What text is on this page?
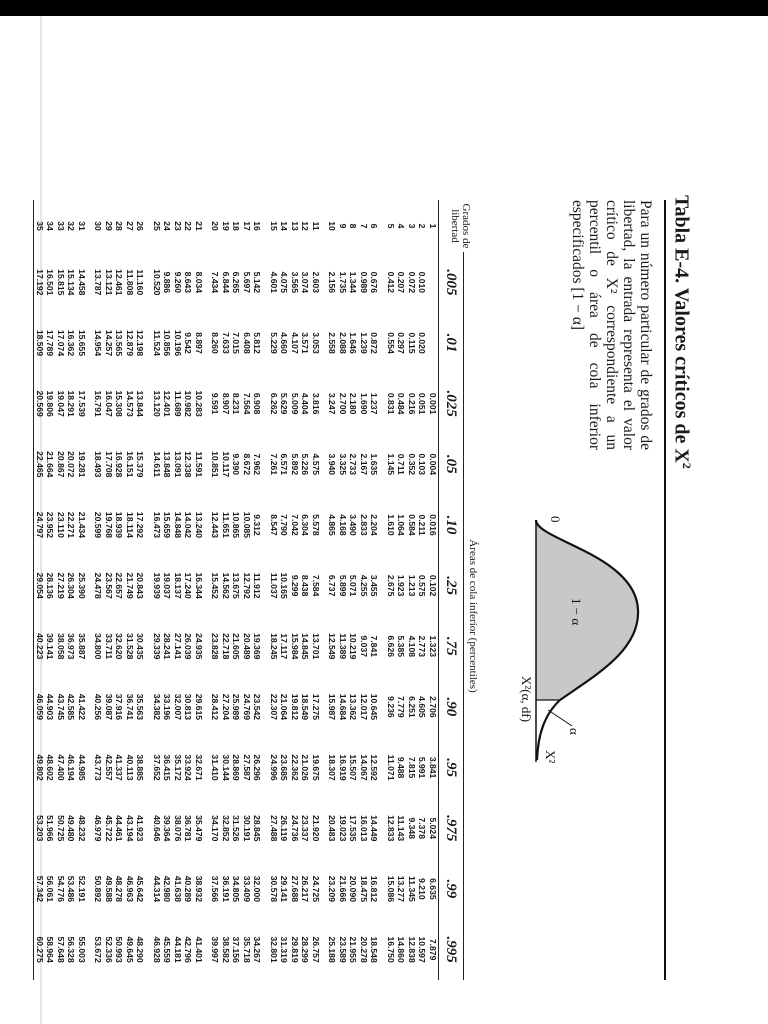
Tabla E-4. Valores críticos de $X^2$
Para un número particular de grados de libertad, la entrada representa el valor crítico de X² correspondiente a un percentil o área de cola inferior especificados [1 − α]
0
1 − α
α
X²(α, df)
X²
Grados de libertad	Áreas de cola inferior (percentiles)											
	.005	.01	.025	.05	.10	.25	.75	.90	.95	.975	.99	.995
1			0.001	0.004	0.016	0.102	1.323	2.706	3.841	5.024	6.635	7.879
2	0.010	0.020	0.051	0.103	0.211	0.575	2.773	4.605	5.991	7.378	9.210	10.597
3	0.072	0.115	0.216	0.352	0.584	1.213	4.108	6.251	7.815	9.348	11.345	12.838
4	0.207	0.297	0.484	0.711	1.064	1.923	5.385	7.779	9.488	11.143	13.277	14.860
5	0.412	0.554	0.831	1.145	1.610	2.675	6.626	9.236	11.071	12.833	15.086	16.750
6	0.676	0.872	1.237	1.635	2.204	3.455	7.841	10.645	12.592	14.449	16.812	18.548
7	0.989	1.239	1.690	2.167	2.833	4.255	9.037	12.017	14.067	16.013	18.475	20.278
8	1.344	1.646	2.180	2.733	3.490	5.071	10.219	13.362	15.507	17.535	20.090	21.955
9	1.735	2.088	2.700	3.325	4.168	5.899	11.389	14.684	16.919	19.023	21.666	23.589
10	2.156	2.558	3.247	3.940	4.865	6.737	12.549	15.987	18.307	20.483	23.209	25.188
11	2.603	3.053	3.816	4.575	5.578	7.584	13.701	17.275	19.675	21.920	24.725	26.757
12	3.074	3.571	4.404	5.226	6.304	8.438	14.845	18.549	21.026	23.337	26.217	28.299
13	3.565	4.107	5.009	5.892	7.042	9.299	15.984	19.812	22.362	24.736	27.688	29.819
14	4.075	4.660	5.629	6.571	7.790	10.165	17.117	21.064	23.685	26.119	29.141	31.319
15	4.601	5.229	6.262	7.261	8.547	11.037	18.245	22.307	24.996	27.488	30.578	32.801
16	5.142	5.812	6.908	7.962	9.312	11.912	19.369	23.542	26.296	28.845	32.000	34.267
17	5.697	6.408	7.564	8.672	10.085	12.792	20.489	24.769	27.587	30.191	33.409	35.718
18	6.265	7.015	8.231	9.390	10.865	13.675	21.605	25.989	28.869	31.526	34.805	37.156
19	6.844	7.633	8.907	10.117	11.651	14.562	22.718	27.204	30.144	32.852	36.191	38.582
20	7.434	8.260	9.591	10.851	12.443	15.452	23.828	28.412	31.410	34.170	37.566	39.997
21	8.034	8.897	10.283	11.591	13.240	16.344	24.935	29.615	32.671	35.479	38.932	41.401
22	8.643	9.542	10.982	12.338	14.042	17.240	26.039	30.813	33.924	36.781	40.289	42.796
23	9.260	10.196	11.689	13.091	14.848	18.137	27.141	32.007	35.172	38.076	41.638	44.181
24	9.886	10.856	12.401	13.848	15.659	19.037	28.241	33.196	36.415	39.364	42.980	45.559
25	10.520	11.524	13.120	14.611	16.473	19.939	29.339	34.382	37.652	40.646	44.314	46.928
26	11.160	12.198	13.844	15.379	17.292	20.843	30.435	35.563	38.885	41.923	45.642	48.290
27	11.808	12.879	14.573	16.151	18.114	21.749	31.528	36.741	40.113	43.194	46.963	49.645
28	12.461	13.565	15.308	16.928	18.939	22.657	32.620	37.916	41.337	44.461	48.278	50.993
29	13.121	14.257	16.047	17.708	19.768	23.567	33.711	39.087	42.557	45.722	49.588	52.336
30	13.787	14.954	16.791	18.493	20.599	24.478	34.800	40.256	43.773	46.979	50.892	53.672
31	14.458	15.655	17.539	19.281	21.434	25.390	35.887	41.422	44.985	48.232	52.191	55.003
32	15.134	16.362	18.291	20.072	22.271	26.304	36.973	42.585	46.194	49.480	53.486	56.328
33	15.815	17.074	19.047	20.867	23.110	27.219	38.058	43.745	47.400	50.725	54.776	57.648
34	16.501	17.789	19.806	21.664	23.952	28.136	39.141	44.903	48.602	51.966	56.061	58.964
35	17.192	18.509	20.569	22.465	24.797	29.054	40.223	46.059	49.802	53.203	57.342	60.275
